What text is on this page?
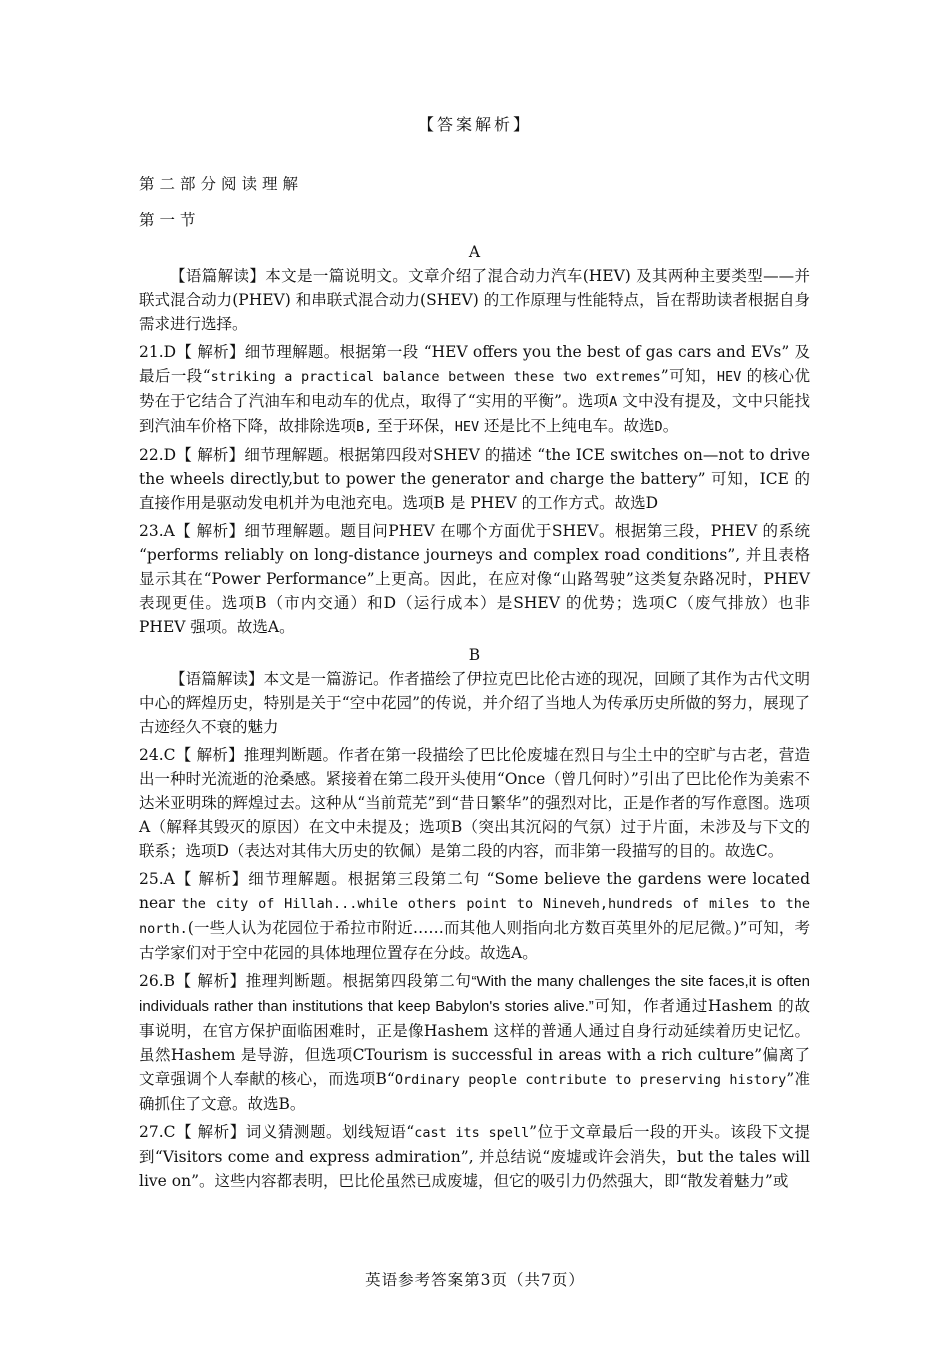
【答案解析】
第二部分阅读理解
第一节

A

【语篇解读】本文是一篇说明文。文章介绍了混合动力汽车(HEV) 及其两种主要类型——并联式混合动力(PHEV) 和串联式混合动力(SHEV) 的工作原理与性能特点，旨在帮助读者根据自身需求进行选择。

21.D【 解析】细节理解题。根据第一段 “HEV offers you the best of gas cars and EVs” 及 最后一段“striking a practical balance between these two extremes”可知，HEV 的核心优势在于它结合了汽油车和电动车的优点，取得了“实用的平衡”。选项A 文中没有提及，文中只能找到汽油车价格下降，故排除选项B, 至于环保，HEV 还是比不上纯电车。故选D。

22.D【 解析】细节理解题。根据第四段对SHEV 的描述 “the ICE switches on—not to drive the wheels directly,but to power the generator and charge the battery” 可知，ICE 的直接作用是驱动发电机并为电池充电。选项B 是 PHEV 的工作方式。故选D

23.A【 解析】细节理解题。题目问PHEV 在哪个方面优于SHEV。根据第三段，PHEV 的系统 “performs reliably on long-distance journeys and complex road conditions”, 并且表格显示其在“Power Performance”上更高。因此，在应对像“山路驾驶”这类复杂路况时，PHEV 表现更佳。选项B（市内交通）和D（运行成本）是SHEV 的优势；选项C（废气排放）也非 PHEV 强项。故选A。

B

【语篇解读】本文是一篇游记。作者描绘了伊拉克巴比伦古迹的现况，回顾了其作为古代文明中心的辉煌历史，特别是关于“空中花园”的传说，并介绍了当地人为传承历史所做的努力，展现了古迹经久不衰的魅力

24.C【 解析】推理判断题。作者在第一段描绘了巴比伦废墟在烈日与尘土中的空旷与古老，营造出一种时光流逝的沧桑感。紧接着在第二段开头使用“Once（曾几何时）”引出了巴比伦作为美索不达米亚明珠的辉煌过去。这种从“当前荒芜”到“昔日繁华”的强烈对比，正是作者的写作意图。选项A（解释其毁灭的原因）在文中未提及；选项B（突出其沉闷的气氛）过于片面，未涉及与下文的联系；选项D（表达对其伟大历史的钦佩）是第二段的内容，而非第一段描写的目的。故选C。

25.A【 解析】细节理解题。根据第三段第二句 “Some believe the gardens were located near the city of Hillah...while others point to Nineveh,hundreds of miles to the north.(一些人认为花园位于希拉市附近……而其他人则指向北方数百英里外的尼尼微。)”可知，考古学家们对于空中花园的具体地理位置存在分歧。故选A。

26.B【 解析】推理判断题。根据第四段第二句“With the many challenges the site faces,it is often individuals rather than institutions that keep Babylon's stories alive.”可知，作者通过Hashem 的故事说明，在官方保护面临困难时，正是像Hashem 这样的普通人通过自身行动延续着历史记忆。虽然Hashem 是导游，但选项CTourism is successful in areas with a rich culture”偏离了文章强调个人奉献的核心，而选项B“Ordinary people contribute to preserving history”准确抓住了文意。故选B。

27.C【 解析】词义猜测题。划线短语“cast its spell”位于文章最后一段的开头。该段下文提到“Visitors come and express admiration”, 并总结说“废墟或许会消失，but the tales will live on”。这些内容都表明，巴比伦虽然已成废墟，但它的吸引力仍然强大，即“散发着魅力”或

英语参考答案第3页（共7页）
